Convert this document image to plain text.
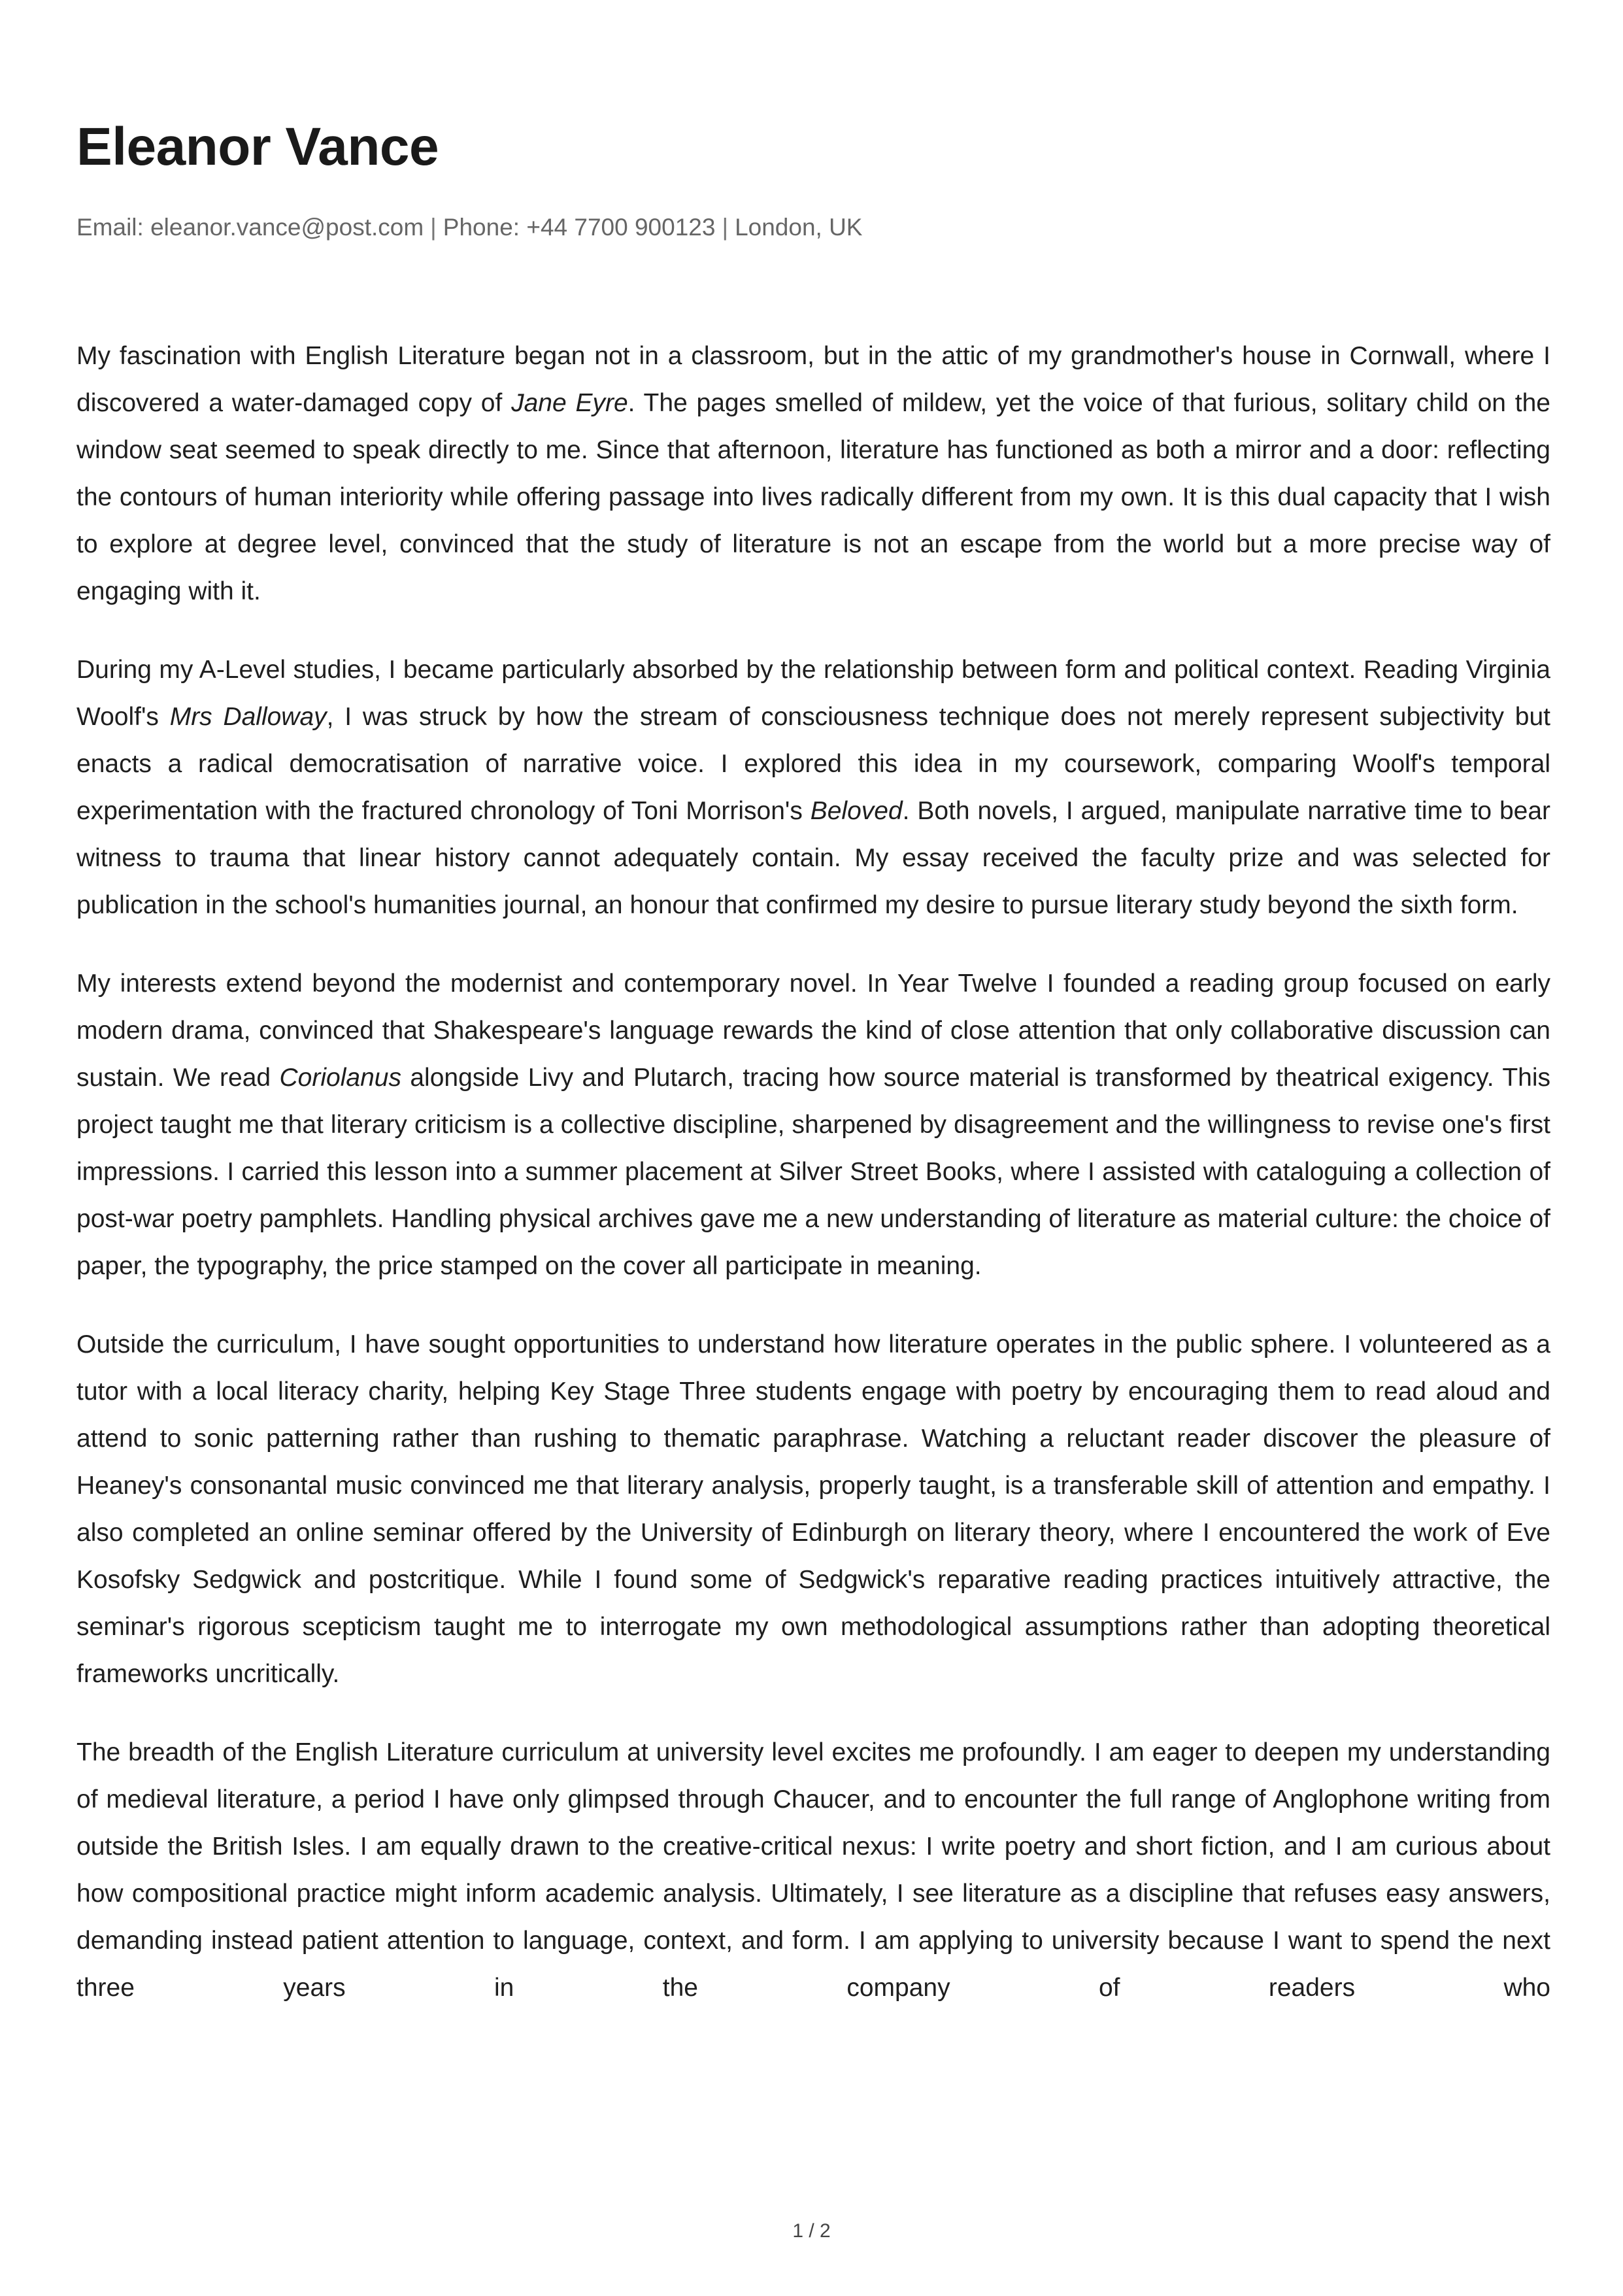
Eleanor Vance
Email: eleanor.vance@post.com | Phone: +44 7700 900123 | London, UK

My fascination with English Literature began not in a classroom, but in the attic of my grandmother's house in Cornwall, where I discovered a water-damaged copy of Jane Eyre. The pages smelled of mildew, yet the voice of that furious, solitary child on the window seat seemed to speak directly to me. Since that afternoon, literature has functioned as both a mirror and a door: reflecting the contours of human interiority while offering passage into lives radically different from my own. It is this dual capacity that I wish to explore at degree level, convinced that the study of literature is not an escape from the world but a more precise way of engaging with it.

During my A-Level studies, I became particularly absorbed by the relationship between form and political context. Reading Virginia Woolf's Mrs Dalloway, I was struck by how the stream of consciousness technique does not merely represent subjectivity but enacts a radical democratisation of narrative voice. I explored this idea in my coursework, comparing Woolf's temporal experimentation with the fractured chronology of Toni Morrison's Beloved. Both novels, I argued, manipulate narrative time to bear witness to trauma that linear history cannot adequately contain. My essay received the faculty prize and was selected for publication in the school's humanities journal, an honour that confirmed my desire to pursue literary study beyond the sixth form.

My interests extend beyond the modernist and contemporary novel. In Year Twelve I founded a reading group focused on early modern drama, convinced that Shakespeare's language rewards the kind of close attention that only collaborative discussion can sustain. We read Coriolanus alongside Livy and Plutarch, tracing how source material is transformed by theatrical exigency. This project taught me that literary criticism is a collective discipline, sharpened by disagreement and the willingness to revise one's first impressions. I carried this lesson into a summer placement at Silver Street Books, where I assisted with cataloguing a collection of post-war poetry pamphlets. Handling physical archives gave me a new understanding of literature as material culture: the choice of paper, the typography, the price stamped on the cover all participate in meaning.

Outside the curriculum, I have sought opportunities to understand how literature operates in the public sphere. I volunteered as a tutor with a local literacy charity, helping Key Stage Three students engage with poetry by encouraging them to read aloud and attend to sonic patterning rather than rushing to thematic paraphrase. Watching a reluctant reader discover the pleasure of Heaney's consonantal music convinced me that literary analysis, properly taught, is a transferable skill of attention and empathy. I also completed an online seminar offered by the University of Edinburgh on literary theory, where I encountered the work of Eve Kosofsky Sedgwick and postcritique. While I found some of Sedgwick's reparative reading practices intuitively attractive, the seminar's rigorous scepticism taught me to interrogate my own methodological assumptions rather than adopting theoretical frameworks uncritically.

The breadth of the English Literature curriculum at university level excites me profoundly. I am eager to deepen my understanding of medieval literature, a period I have only glimpsed through Chaucer, and to encounter the full range of Anglophone writing from outside the British Isles. I am equally drawn to the creative-critical nexus: I write poetry and short fiction, and I am curious about how compositional practice might inform academic analysis. Ultimately, I see literature as a discipline that refuses easy answers, demanding instead patient attention to language, context, and form. I am applying to university because I want to spend the next three years in the company of readers who

1 / 2
